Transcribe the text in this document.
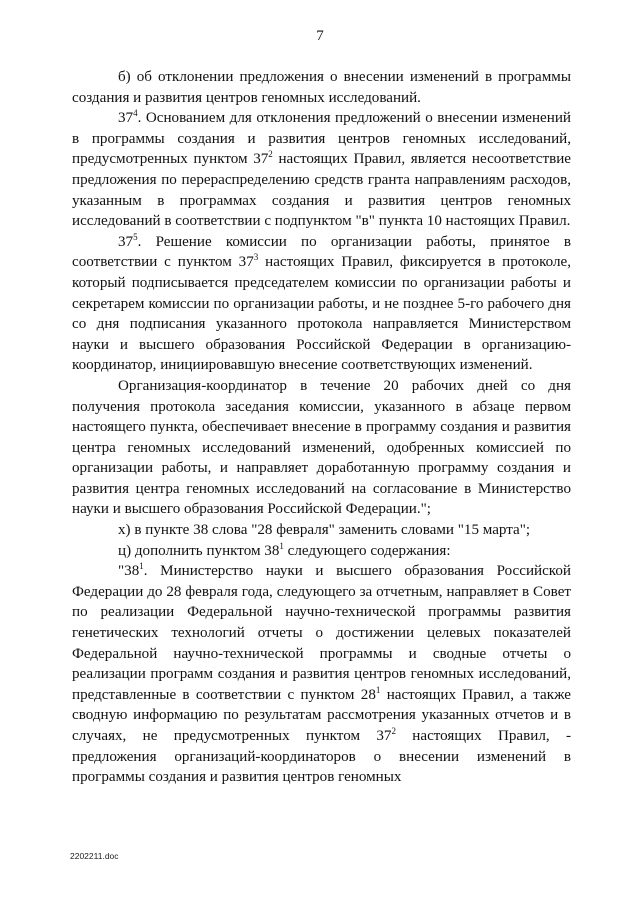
7

б) об отклонении предложения о внесении изменений в программы создания и развития центров геномных исследований.

$37^4$. Основанием для отклонения предложений о внесении изменений в программы создания и развития центров геномных исследований, предусмотренных пунктом $37^2$ настоящих Правил, является несоответствие предложения по перераспределению средств гранта направлениям расходов, указанным в программах создания и развития центров геномных исследований в соответствии с подпунктом "в" пункта 10 настоящих Правил.

$37^5$. Решение комиссии по организации работы, принятое в соответствии с пунктом $37^3$ настоящих Правил, фиксируется в протоколе, который подписывается председателем комиссии по организации работы и секретарем комиссии по организации работы, и не позднее 5-го рабочего дня со дня подписания указанного протокола направляется Министерством науки и высшего образования Российской Федерации в организацию-координатор, инициировавшую внесение соответствующих изменений.

Организация-координатор в течение 20 рабочих дней со дня получения протокола заседания комиссии, указанного в абзаце первом настоящего пункта, обеспечивает внесение в программу создания и развития центра геномных исследований изменений, одобренных комиссией по организации работы, и направляет доработанную программу создания и развития центра геномных исследований на согласование в Министерство науки и высшего образования Российской Федерации.";

х) в пункте 38 слова "28 февраля" заменить словами "15 марта";

ц) дополнить пунктом $38^1$ следующего содержания:

"$38^1$. Министерство науки и высшего образования Российской Федерации до 28 февраля года, следующего за отчетным, направляет в Совет по реализации Федеральной научно-технической программы развития генетических технологий отчеты о достижении целевых показателей Федеральной научно-технической программы и сводные отчеты о реализации программ создания и развития центров геномных исследований, представленные в соответствии с пунктом $28^1$ настоящих Правил, а также сводную информацию по результатам рассмотрения указанных отчетов и в случаях, не предусмотренных пунктом $37^2$ настоящих Правил, - предложения организаций-координаторов о внесении изменений в программы создания и развития центров геномных

2202211.doc
